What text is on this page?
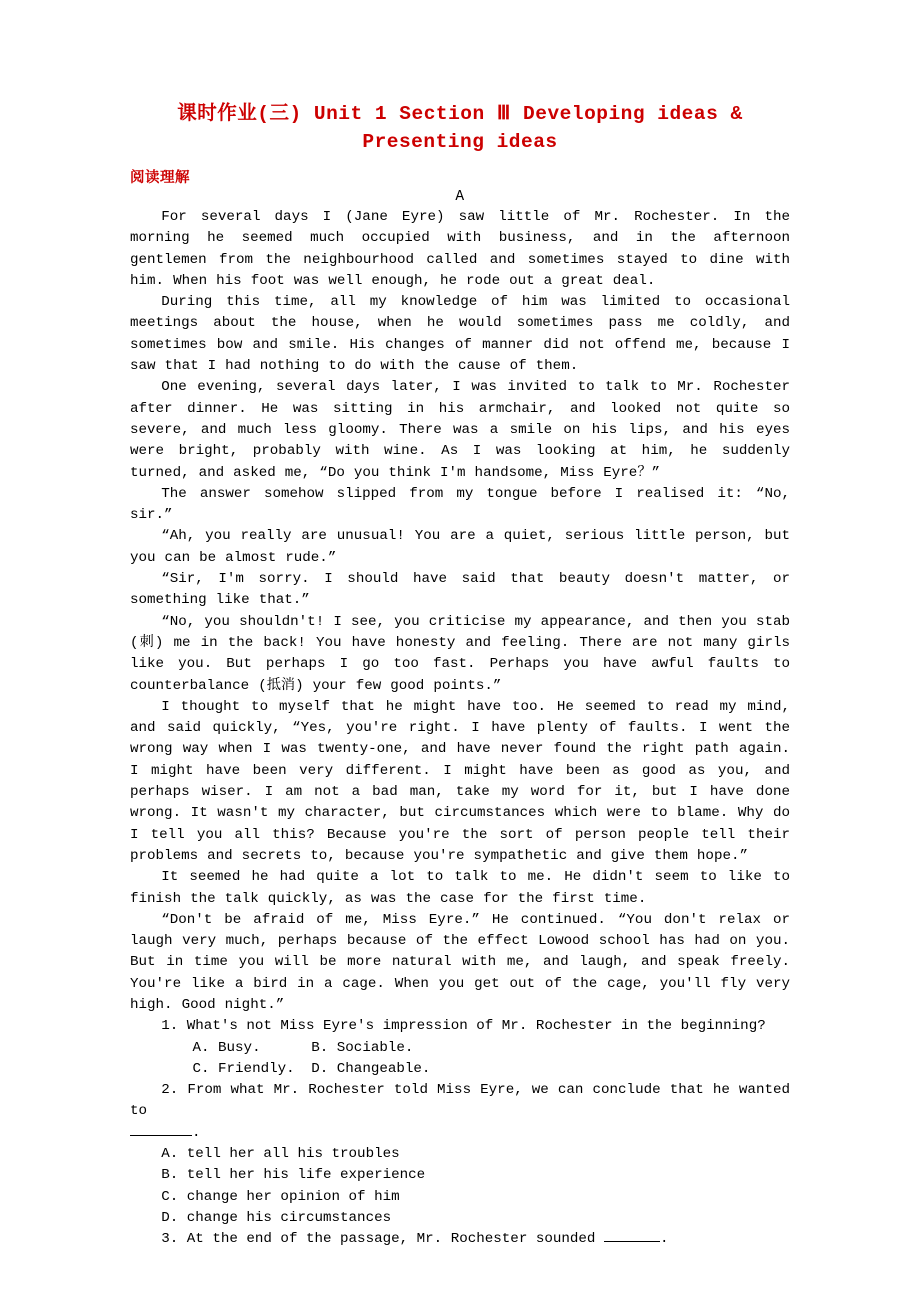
课时作业(三) Unit 1 Section Ⅲ Developing ideas &
Presenting ideas
阅读理解
A

For several days I (Jane Eyre) saw little of Mr. Rochester. In the morning he seemed much occupied with business, and in the afternoon gentlemen from the neighbourhood called and sometimes stayed to dine with him. When his foot was well enough, he rode out a great deal.

During this time, all my knowledge of him was limited to occasional meetings about the house, when he would sometimes pass me coldly, and sometimes bow and smile. His changes of manner did not offend me, because I saw that I had nothing to do with the cause of them.

One evening, several days later, I was invited to talk to Mr. Rochester after dinner. He was sitting in his armchair, and looked not quite so severe, and much less gloomy. There was a smile on his lips, and his eyes were bright, probably with wine. As I was looking at him, he suddenly turned, and asked me, “Do you think I'm handsome, Miss Eyre？”

The answer somehow slipped from my tongue before I realised it: “No, sir.”

“Ah, you really are unusual! You are a quiet, serious little person, but you can be almost rude.”

“Sir, I'm sorry. I should have said that beauty doesn't matter, or something like that.”

“No, you shouldn't! I see, you criticise my appearance, and then you stab (刺) me in the back! You have honesty and feeling. There are not many girls like you. But perhaps I go too fast. Perhaps you have awful faults to counterbalance (抵消) your few good points.”

I thought to myself that he might have too. He seemed to read my mind, and said quickly, “Yes, you're right. I have plenty of faults. I went the wrong way when I was twenty-one, and have never found the right path again. I might have been very different. I might have been as good as you, and perhaps wiser. I am not a bad man, take my word for it, but I have done wrong. It wasn't my character, but circumstances which were to blame. Why do I tell you all this? Because you're the sort of person people tell their problems and secrets to, because you're sympathetic and give them hope.”

It seemed he had quite a lot to talk to me. He didn't seem to like to finish the talk quickly, as was the case for the first time.

“Don't be afraid of me, Miss Eyre.” He continued. “You don't relax or laugh very much, perhaps because of the effect Lowood school has had on you. But in time you will be more natural with me, and laugh, and speak freely. You're like a bird in a cage. When you get out of the cage, you'll fly very high. Good night.”

1. What's not Miss Eyre's impression of Mr. Rochester in the beginning?

A. Busy.	B. Sociable.
C. Friendly. D. Changeable.

2. From what Mr. Rochester told Miss Eyre, we can conclude that he wanted to
.

A. tell her all his troubles

B. tell her his life experience

C. change her opinion of him

D. change his circumstances

3. At the end of the passage, Mr. Rochester sounded	.
